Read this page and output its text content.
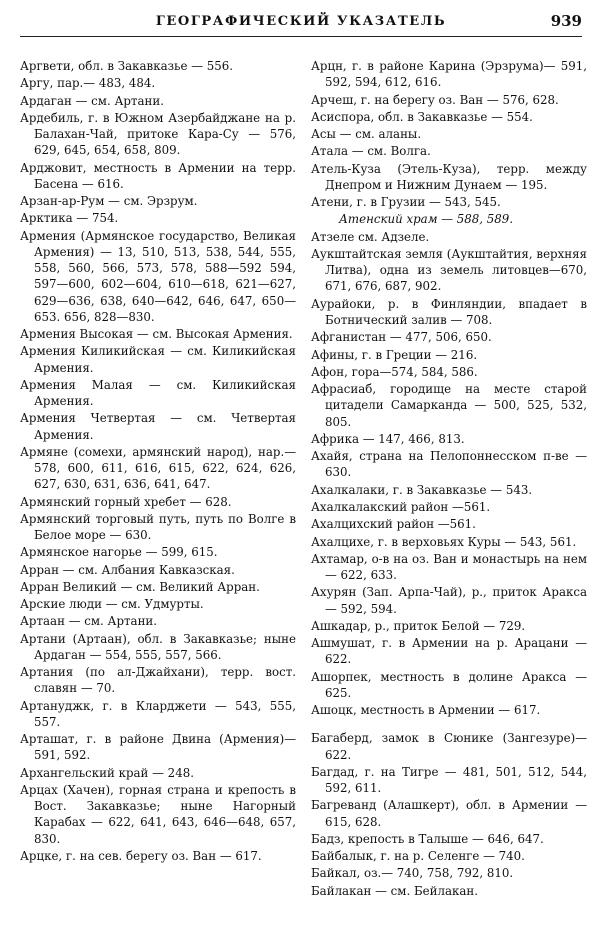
ГЕОГРАФИЧЕСКИЙ УКАЗАТЕЛЬ	939

Аргвети, обл. в Закавказье — 556.

Аргу, пар.— 483, 484.

Ардаган — см. Артани.

Ардебиль, г. в Южном Азербайджане на р. Балахан-Чай, притоке Кара-Су — 576, 629, 645, 654, 658, 809.

Арджовит, местность в Армении на терр. Басена — 616.

Арзан-ар-Рум — см. Эрзрум.

Арктика — 754.

Армения (Армянское государство, Великая Армения) — 13, 510, 513, 538, 544, 555, 558, 560, 566, 573, 578, 588—592 594, 597—600, 602—604, 610—618, 621—627, 629—636, 638, 640—642, 646, 647, 650—653. 656, 828—830.

Армения Высокая — см. Высокая Армения.

Армения Киликийская — см. Киликийская Армения.

Армения Малая — см. Киликийская Армения.

Армения Четвертая — см. Четвертая Армения.

Армяне (сомехи, армянский народ), нар.— 578, 600, 611, 616, 615, 622, 624, 626, 627, 630, 631, 636, 641, 647.

Армянский горный хребет — 628.

Армянский торговый путь, путь по Волге в Белое море — 630.

Армянское нагорье — 599, 615.

Арран — см. Албания Кавказская.

Арран Великий — см. Великий Арран.

Арские люди — см. Удмурты.

Артаан — см. Артани.

Артани (Артаан), обл. в Закавказье; ныне Ардаган — 554, 555, 557, 566.

Артания (по ал-Джайхани), терр. вост. славян — 70.

Артануджк, г. в Кларджети — 543, 555, 557.

Арташат, г. в районе Двина (Армения)—591, 592.

Архангельский край — 248.

Арцах (Хачен), горная страна и крепость в Вост. Закавказье; ныне Нагорный Карабах — 622, 641, 643, 646—648, 657, 830.

Арцке, г. на сев. берегу оз. Ван — 617.

Арцн, г. в районе Карина (Эрзрума)— 591, 592, 594, 612, 616.

Арчеш, г. на берегу оз. Ван — 576, 628.

Асиспора, обл. в Закавказье — 554.

Асы — см. аланы.

Атала — см. Волга.

Атель-Куза (Этель-Куза), терр. между Днепром и Нижним Дунаем — 195.

Атени, г. в Грузии — 543, 545.

Атенский храм — 588, 589.

Атзеле см. Адзеле.

Аукштайтская земля (Аукштайтия, верхняя Литва), одна из земель литовцев—670, 671, 676, 687, 902.

Аурайоки, р. в Финляндии, впадает в Ботнический залив — 708.

Афганистан — 477, 506, 650.

Афины, г. в Греции — 216.

Афон, гора—574, 584, 586.

Афрасиаб, городище на месте старой цитадели Самарканда — 500, 525, 532, 805.

Африка — 147, 466, 813.

Ахайя, страна на Пелопоннесском п-ве — 630.

Ахалкалаки, г. в Закавказье — 543.

Ахалкалакский район —561.

Ахалцихский район —561.

Ахалцихе, г. в верховьях Куры — 543, 561.

Ахтамар, о-в на оз. Ван и монастырь на нем — 622, 633.

Ахурян (Зап. Арпа-Чай), р., приток Аракса — 592, 594.

Ашкадар, р., приток Белой — 729.

Ашмушат, г. в Армении на р. Арацани — 622.

Ашорпек, местность в долине Аракса — 625.

Ашоцк, местность в Армении — 617.

Багаберд, замок в Сюнике (Зангезуре)— 622.

Багдад, г. на Тигре — 481, 501, 512, 544, 592, 611.

Багреванд (Алашкерт), обл. в Армении — 615, 628.

Бадз, крепость в Талыше — 646, 647.

Байбалык, г. на р. Селенге — 740.

Байкал, оз.— 740, 758, 792, 810.

Байлакан — см. Бейлакан.
